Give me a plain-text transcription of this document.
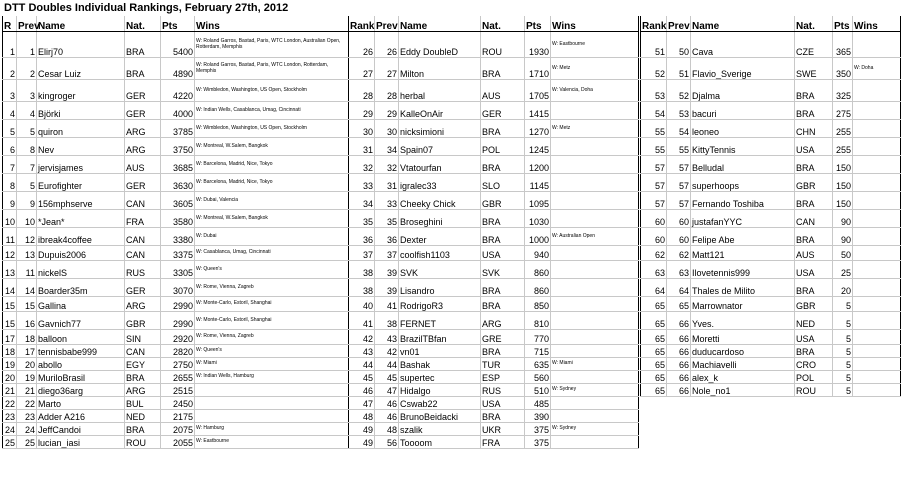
DTT Doubles Individual Rankings, February 27th, 2012
R	Prev	Name	Nat.	Pts	Wins
1	1	Elirj70	BRA	5400	W: Roland Garros, Bastad, Paris, WTC London, Australian Open, Rotterdam, Memphis
2	2	Cesar Luiz	BRA	4890	W: Roland Garros, Bastad, Paris, WTC London, Rotterdam, Memphis
3	3	kingroger	GER	4220	W: Wimbledon, Washington, US Open, Stockholm
4	4	Björki	GER	4000	W: Indian Wells, Casablanca, Umag, Cincinnati
5	5	quiron	ARG	3785	W: Wimbledon, Washington, US Open, Stockholm
6	8	Nev	ARG	3750	W: Montreal, W.Salem, Bangkok
7	7	jervisjames	AUS	3685	W: Barcelona, Madrid, Nice, Tokyo
8	5	Eurofighter	GER	3630	W: Barcelona, Madrid, Nice, Tokyo
9	9	156mphserve	CAN	3605	W: Dubai, Valencia
10	10	*Jean*	FRA	3580	W: Montreal, W.Salem, Bangkok
11	12	ibreak4coffee	CAN	3380	W: Dubai
12	13	Dupuis2006	CAN	3375	W: Casablanca, Umag, Cincinnati
13	11	nickelS	RUS	3305	W: Queen's
14	14	Boarder35m	GER	3070	W: Rome, Vienna, Zagreb
15	15	Gallina	ARG	2990	W: Monte-Carlo, Estoril, Shanghai
15	16	Gavnich77	GBR	2990	W: Monte-Carlo, Estoril, Shanghai
17	18	balloon	SIN	2920	W: Rome, Vienna, Zagreb
18	17	tennisbabe999	CAN	2820	W: Queen's
19	20	abollo	EGY	2750	W: Miami
20	19	MuriloBrasil	BRA	2655	W: Indian Wells, Hamburg
21	21	diego36arg	ARG	2515	
22	22	Marto	BUL	2450	
23	23	Adder A216	NED	2175	
24	24	JeffCandoi	BRA	2075	W: Hamburg
25	25	lucian_iasi	ROU	2055	W: Eastbourne
Rank	Prev	Name	Nat.	Pts	Wins
26	26	Eddy DoubleD	ROU	1930	W: Eastbourne
27	27	Milton	BRA	1710	W: Metz
28	28	herbal	AUS	1705	W: Valencia, Doha
29	29	KalleOnAir	GER	1415	
30	30	nicksimioni	BRA	1270	W: Metz
31	34	Spain07	POL	1245	
32	32	Vtatourfan	BRA	1200	
33	31	igralec33	SLO	1145	
34	33	Cheeky Chick	GBR	1095	
35	35	Broseghini	BRA	1030	
36	36	Dexter	BRA	1000	W: Australian Open
37	37	coolfish1103	USA	940	
38	39	SVK	SVK	860	
38	39	Lisandro	BRA	860	
40	41	RodrigoR3	BRA	850	
41	38	FERNET	ARG	810	
42	43	BrazilTBfan	GRE	770	
43	42	vn01	BRA	715	
44	44	Bashak	TUR	635	W: Miami
45	45	supertec	ESP	560	
46	47	Hidalgo	RUS	510	W: Sydney
47	46	Cswab22	USA	485	
48	46	BrunoBeidacki	BRA	390	
49	48	szalik	UKR	375	W: Sydney
49	56	Toooom	FRA	375	
Rank	Prev	Name	Nat.	Pts	Wins
51	50	Cava	CZE	365	
52	51	Flavio_Sverige	SWE	350	W: Doha
53	52	Djalma	BRA	325	
54	53	bacuri	BRA	275	
55	54	leoneo	CHN	255	
55	55	KittyTennis	USA	255	
57	57	Belludal	BRA	150	
57	57	superhoops	GBR	150	
57	57	Fernando Toshiba	BRA	150	
60	60	justafanYYC	CAN	90	
60	60	Felipe Abe	BRA	90	
62	62	Matt121	AUS	50	
63	63	Ilovetennis999	USA	25	
64	64	Thales de Milito	BRA	20	
65	65	Marrownator	GBR	5	
65	66	Yves.	NED	5	
65	66	Moretti	USA	5	
65	66	duducardoso	BRA	5	
65	66	Machiavelli	CRO	5	
65	66	alex_k	POL	5	
65	66	Nole_no1	ROU	5	
